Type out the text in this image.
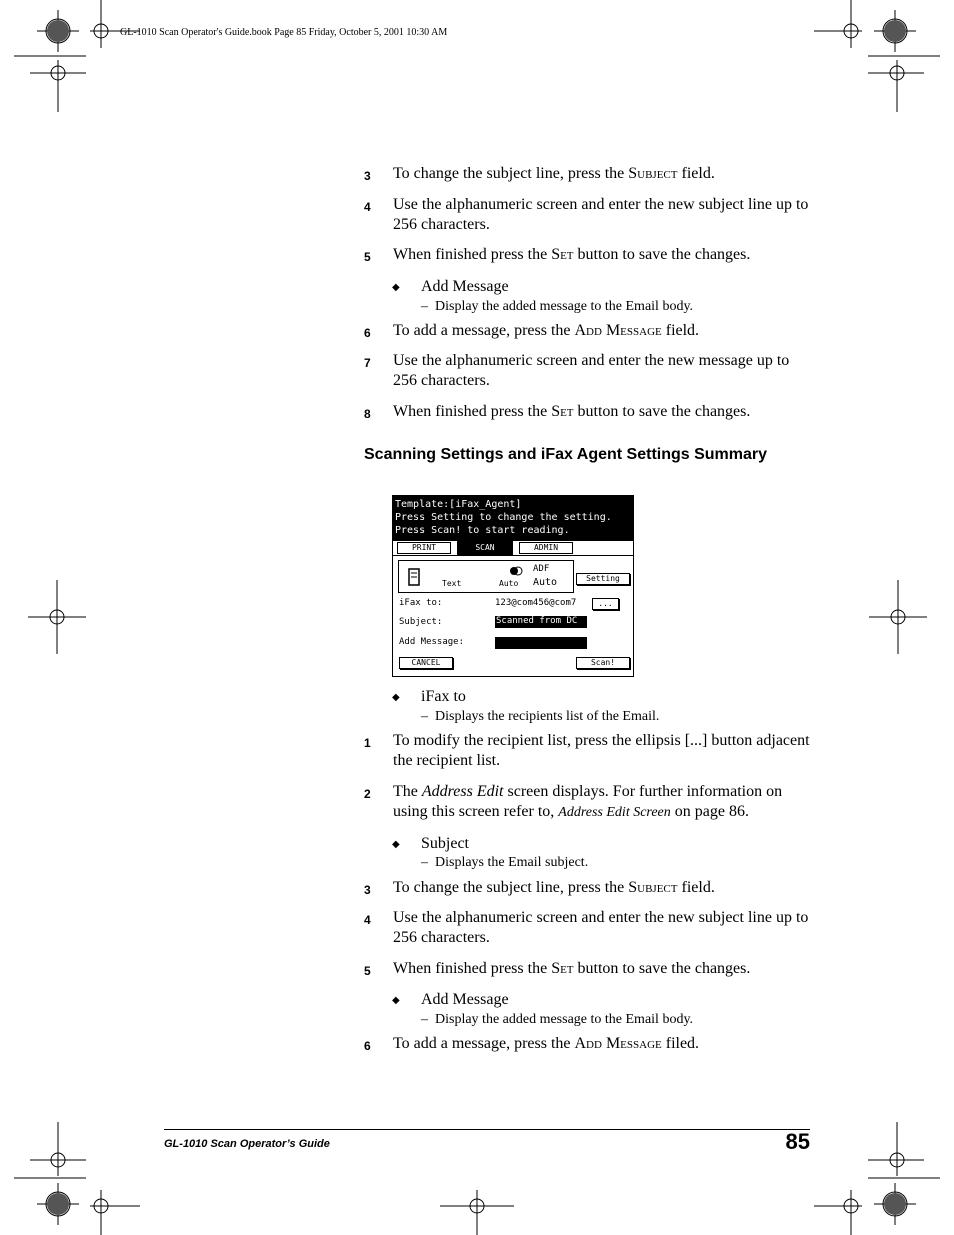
GL-1010 Scan Operator's Guide.book Page 85 Friday, October 5, 2001 10:30 AM
3 To change the subject line, press the Subject field.
4 Use the alphanumeric screen and enter the new subject line up to 256 characters.
5 When finished press the Set button to save the changes.
◆ Add Message
– Display the added message to the Email body.
6 To add a message, press the Add Message field.
7 Use the alphanumeric screen and enter the new message up to 256 characters.
8 When finished press the Set button to save the changes.
Scanning Settings and iFax Agent Settings Summary
Template:[iFax_Agent]
Press Setting to change the setting.
Press Scan! to start reading.
PRINT	SCAN	ADMIN
Text	Auto
ADF
Auto	Setting
iFax to:	123@com456@com7	...
Subject:	Scanned from DC
Add Message:
CANCEL	Scan!
◆ iFax to
– Displays the recipients list of the Email.
1 To modify the recipient list, press the ellipsis [...] button adjacent the recipient list.
2 The Address Edit screen displays. For further information on using this screen refer to, Address Edit Screen on page 86.
◆ Subject
– Displays the Email subject.
3 To change the subject line, press the Subject field.
4 Use the alphanumeric screen and enter the new subject line up to 256 characters.
5 When finished press the Set button to save the changes.
◆ Add Message
– Display the added message to the Email body.
6 To add a message, press the Add Message filed.
GL-1010 Scan Operator’s Guide	85
